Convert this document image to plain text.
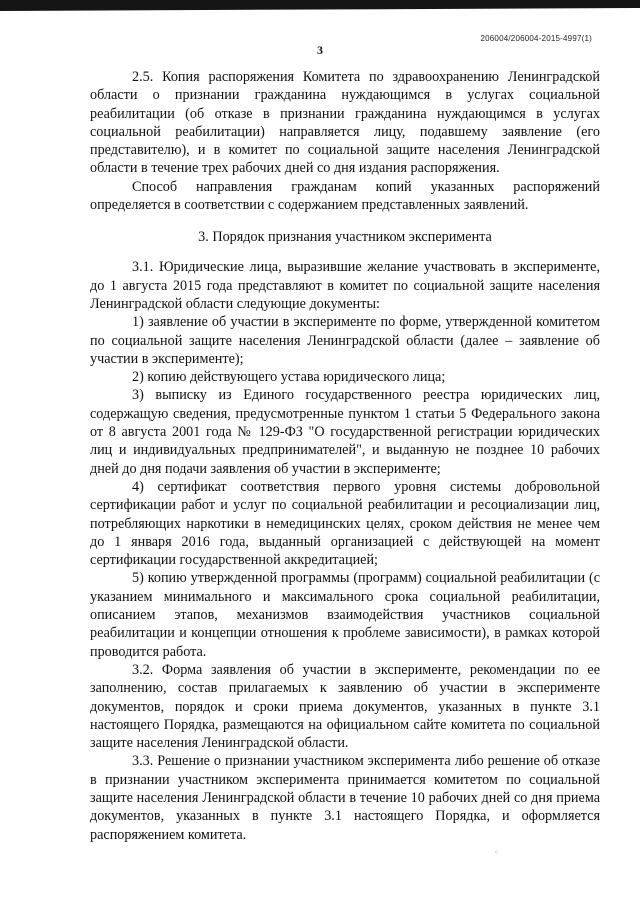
206004/206004-2015-4997(1)
3

2.5. Копия распоряжения Комитета по здравоохранению Ленинградской области о признании гражданина нуждающимся в услугах социальной реабилитации (об отказе в признании гражданина нуждающимся в услугах социальной реабилитации) направляется лицу, подавшему заявление (его представителю), и в комитет по социальной защите населения Ленинградской области в течение трех рабочих дней со дня издания распоряжения.

Способ направления гражданам копий указанных распоряжений определяется в соответствии с содержанием представленных заявлений.

3. Порядок признания участником эксперимента

3.1. Юридические лица, выразившие желание участвовать в эксперименте, до 1 августа 2015 года представляют в комитет по социальной защите населения Ленинградской области следующие документы:

1) заявление об участии в эксперименте по форме, утвержденной комитетом по социальной защите населения Ленинградской области (далее – заявление об участии в эксперименте);

2) копию действующего устава юридического лица;

3) выписку из Единого государственного реестра юридических лиц, содержащую сведения, предусмотренные пунктом 1 статьи 5 Федерального закона от 8 августа 2001 года № 129-ФЗ "О государственной регистрации юридических лиц и индивидуальных предпринимателей", и выданную не позднее 10 рабочих дней до дня подачи заявления об участии в эксперименте;

4) сертификат соответствия первого уровня системы добровольной сертификации работ и услуг по социальной реабилитации и ресоциализации лиц, потребляющих наркотики в немедицинских целях, сроком действия не менее чем до 1 января 2016 года, выданный организацией с действующей на момент сертификации государственной аккредитацией;

5) копию утвержденной программы (программ) социальной реабилитации (с указанием минимального и максимального срока социальной реабилитации, описанием этапов, механизмов взаимодействия участников социальной реабилитации и концепции отношения к проблеме зависимости), в рамках которой проводится работа.

3.2. Форма заявления об участии в эксперименте, рекомендации по ее заполнению, состав прилагаемых к заявлению об участии в эксперименте документов, порядок и сроки приема документов, указанных в пункте 3.1 настоящего Порядка, размещаются на официальном сайте комитета по социальной защите населения Ленинградской области.

3.3. Решение о признании участником эксперимента либо решение об отказе в признании участником эксперимента принимается комитетом по социальной защите населения Ленинградской области в течение 10 рабочих дней со дня приема документов, указанных в пункте 3.1 настоящего Порядка, и оформляется распоряжением комитета.

◦
